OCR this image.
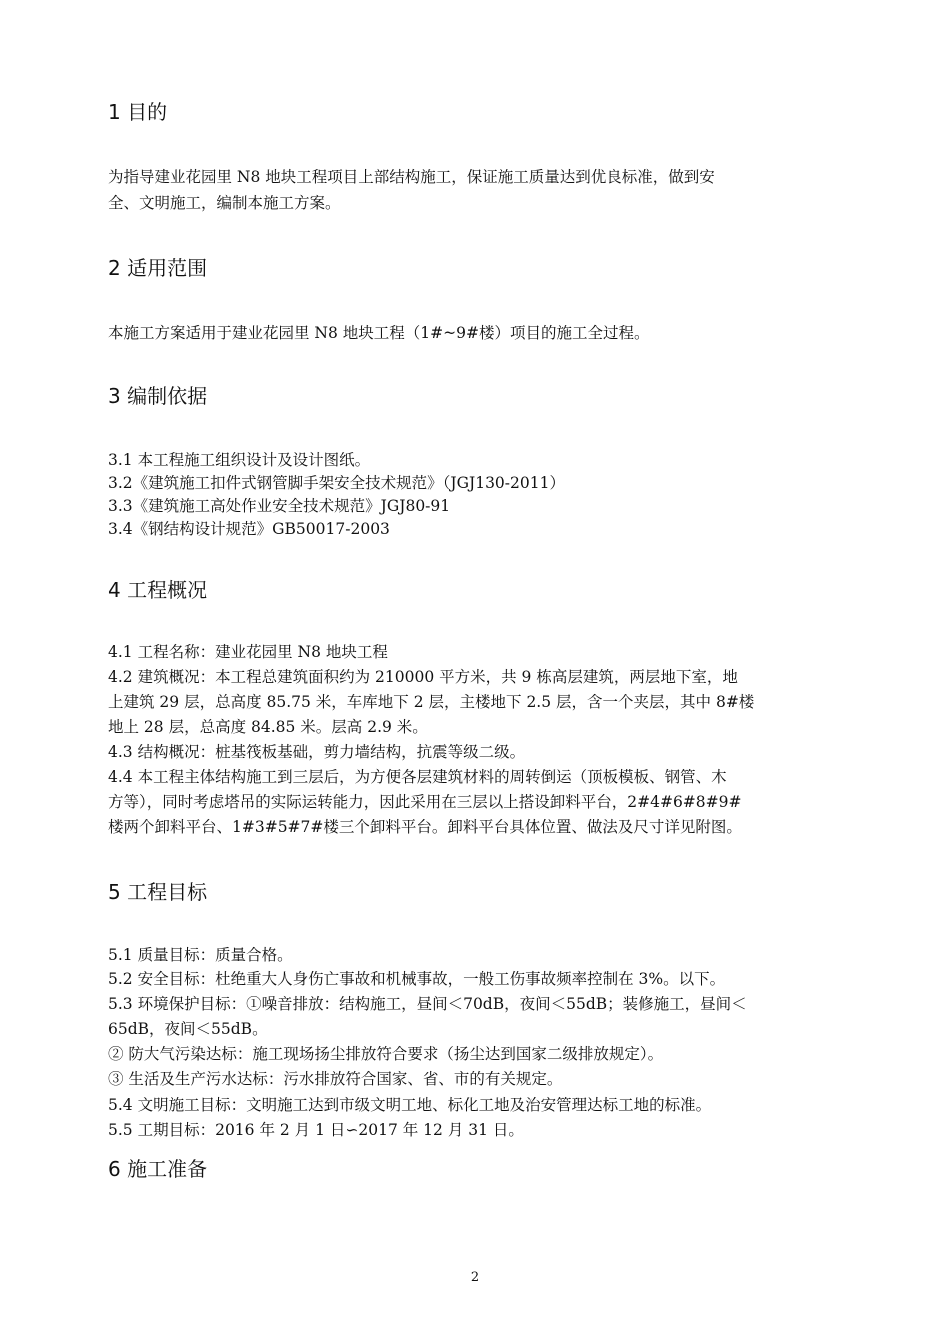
1 目的
为指导建业花园里 N8 地块工程项目上部结构施工，保证施工质量达到优良标准，做到安
全、文明施工，编制本施工方案。
2 适用范围
本施工方案适用于建业花园里 N8 地块工程（1#~9#楼）项目的施工全过程。
3 编制依据
3.1 本工程施工组织设计及设计图纸。
3.2《建筑施工扣件式钢管脚手架安全技术规范》（JGJ130-2011）
3.3《建筑施工高处作业安全技术规范》JGJ80-91
3.4《钢结构设计规范》GB50017-2003
4 工程概况
4.1 工程名称：建业花园里 N8 地块工程
4.2 建筑概况：本工程总建筑面积约为 210000 平方米，共 9 栋高层建筑，两层地下室，地
上建筑 29 层，总高度 85.75 米，车库地下 2 层，主楼地下 2.5 层，含一个夹层，其中 8#楼
地上 28 层，总高度 84.85 米。层高 2.9 米。
4.3 结构概况：桩基筏板基础，剪力墙结构，抗震等级二级。
4.4 本工程主体结构施工到三层后，为方便各层建筑材料的周转倒运（顶板模板、钢管、木
方等），同时考虑塔吊的实际运转能力，因此采用在三层以上搭设卸料平台，2#4#6#8#9#
楼两个卸料平台、1#3#5#7#楼三个卸料平台。卸料平台具体位置、做法及尺寸详见附图。
5 工程目标
5.1 质量目标：质量合格。
5.2 安全目标：杜绝重大人身伤亡事故和机械事故，一般工伤事故频率控制在 3%。以下。
5.3 环境保护目标：①噪音排放：结构施工，昼间＜70dB，夜间＜55dB；装修施工，昼间＜
65dB，夜间＜55dB。
② 防大气污染达标：施工现场扬尘排放符合要求（扬尘达到国家二级排放规定）。
③ 生活及生产污水达标：污水排放符合国家、省、市的有关规定。
5.4 文明施工目标：文明施工达到市级文明工地、标化工地及治安管理达标工地的标准。
5.5 工期目标：2016 年 2 月 1 日∽2017 年 12 月 31 日。
6 施工准备
2
